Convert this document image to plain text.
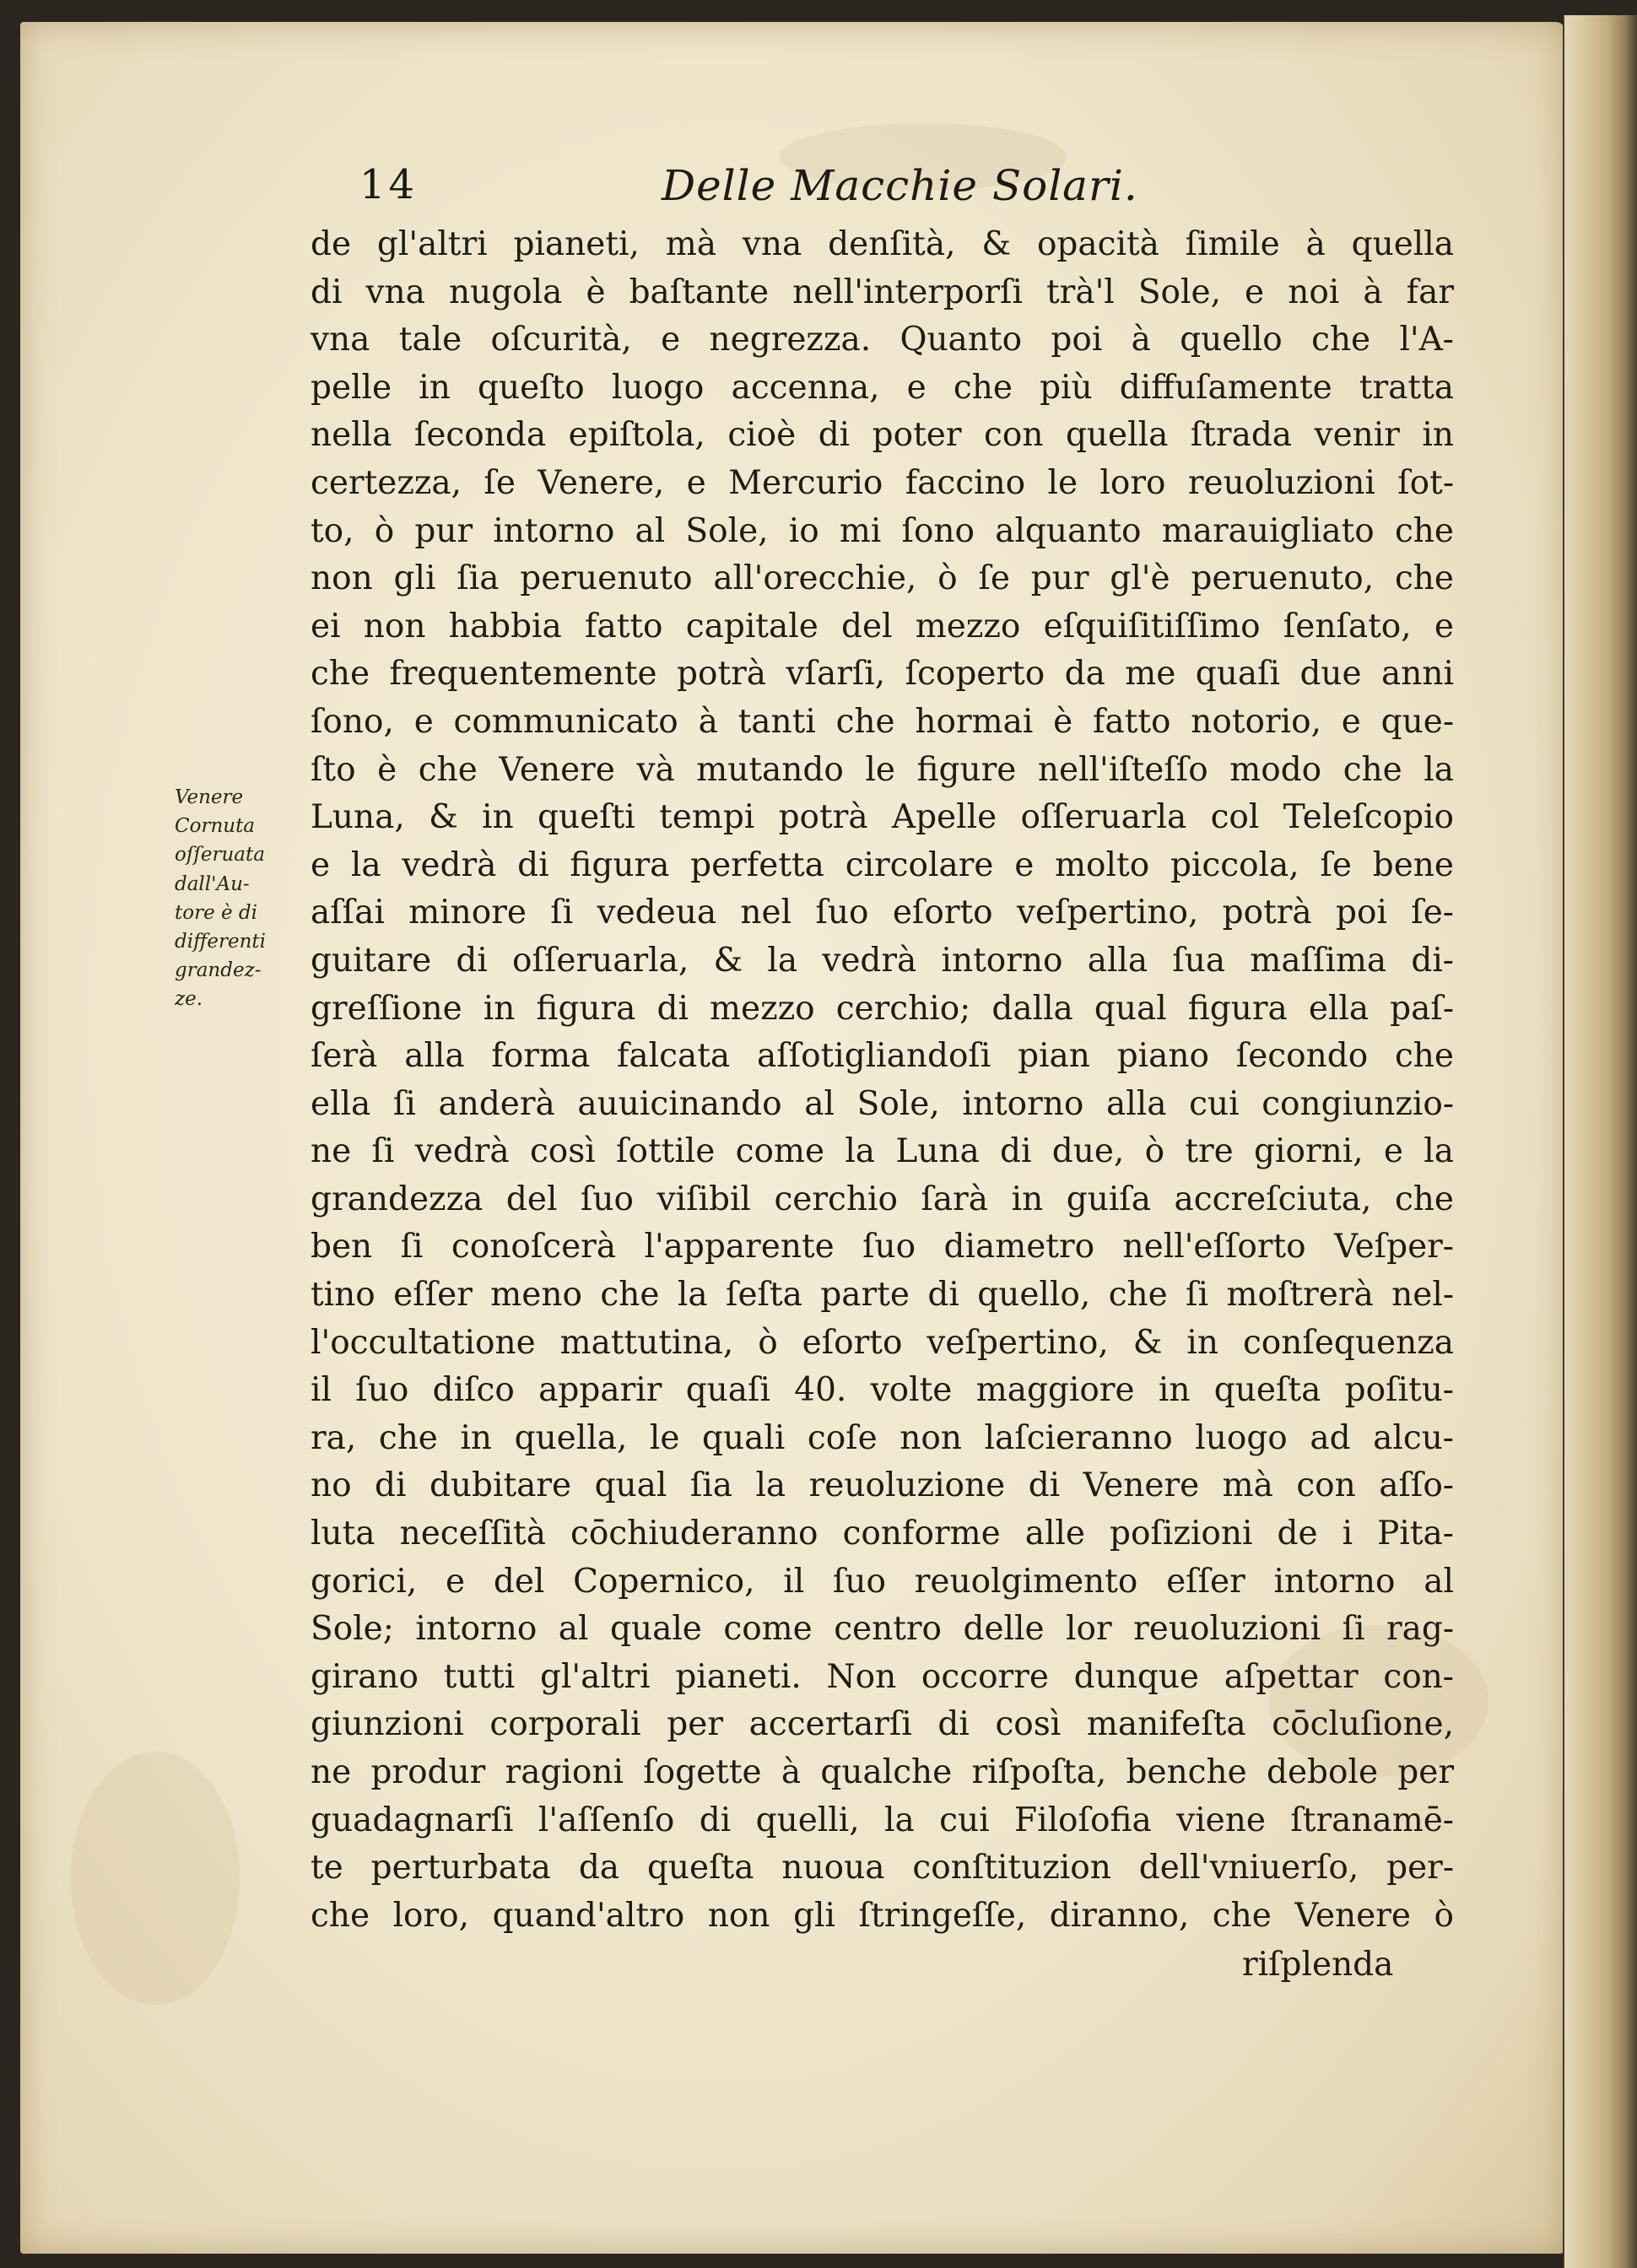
14	Delle Macchie Solari.
Venere
Cornuta
oſſeruata
dall'Au-
tore è di
differenti
grandez-
ze.
de gl'altri pianeti, mà vna denſità, & opacità ſimile à quella
di vna nugola è baſtante nell'interporſi trà'l Sole, e noi à far
vna tale oſcurità, e negrezza. Quanto poi à quello che l'A-
pelle in queſto luogo accenna, e che più diffuſamente tratta
nella ſeconda epiſtola, cioè di poter con quella ſtrada venir in
certezza, ſe Venere, e Mercurio faccino le loro reuoluzioni ſot-
to, ò pur intorno al Sole, io mi ſono alquanto marauigliato che
non gli ſia peruenuto all'orecchie, ò ſe pur gl'è peruenuto, che
ei non habbia fatto capitale del mezzo eſquiſitiſſimo ſenſato, e
che frequentemente potrà vſarſi, ſcoperto da me quaſi due anni
ſono, e communicato à tanti che hormai è fatto notorio, e que-
ſto è che Venere và mutando le figure nell'iſteſſo modo che la
Luna, & in queſti tempi potrà Apelle oſſeruarla col Teleſcopio
e la vedrà di figura perfetta circolare e molto piccola, ſe bene
aſſai minore ſi vedeua nel ſuo eſorto veſpertino, potrà poi ſe-
guitare di oſſeruarla, & la vedrà intorno alla ſua maſſima di-
greſſione in figura di mezzo cerchio; dalla qual figura ella paſ-
ſerà alla forma falcata aſſotigliandoſi pian piano ſecondo che
ella ſi anderà auuicinando al Sole, intorno alla cui congiunzio-
ne ſi vedrà così ſottile come la Luna di due, ò tre giorni, e la
grandezza del ſuo viſibil cerchio ſarà in guiſa accreſciuta, che
ben ſi conoſcerà l'apparente ſuo diametro nell'eſſorto Veſper-
tino eſſer meno che la ſeſta parte di quello, che ſi moſtrerà nel-
l'occultatione mattutina, ò eſorto veſpertino, & in conſequenza
il ſuo diſco apparir quaſi 40. volte maggiore in queſta poſitu-
ra, che in quella, le quali coſe non laſcieranno luogo ad alcu-
no di dubitare qual ſia la reuoluzione di Venere mà con aſſo-
luta neceſſità cōchiuderanno conforme alle poſizioni de i Pita-
gorici, e del Copernico, il ſuo reuolgimento eſſer intorno al
Sole; intorno al quale come centro delle lor reuoluzioni ſi rag-
girano tutti gl'altri pianeti. Non occorre dunque aſpettar con-
giunzioni corporali per accertarſi di così manifeſta cōcluſione,
ne produr ragioni ſogette à qualche riſpoſta, benche debole per
guadagnarſi l'aſſenſo di quelli, la cui Filoſofia viene ſtranamē-
te perturbata da queſta nuoua conſtituzion dell'vniuerſo, per-
che loro, quand'altro non gli ſtringeſſe, diranno, che Venere ò
riſplenda
